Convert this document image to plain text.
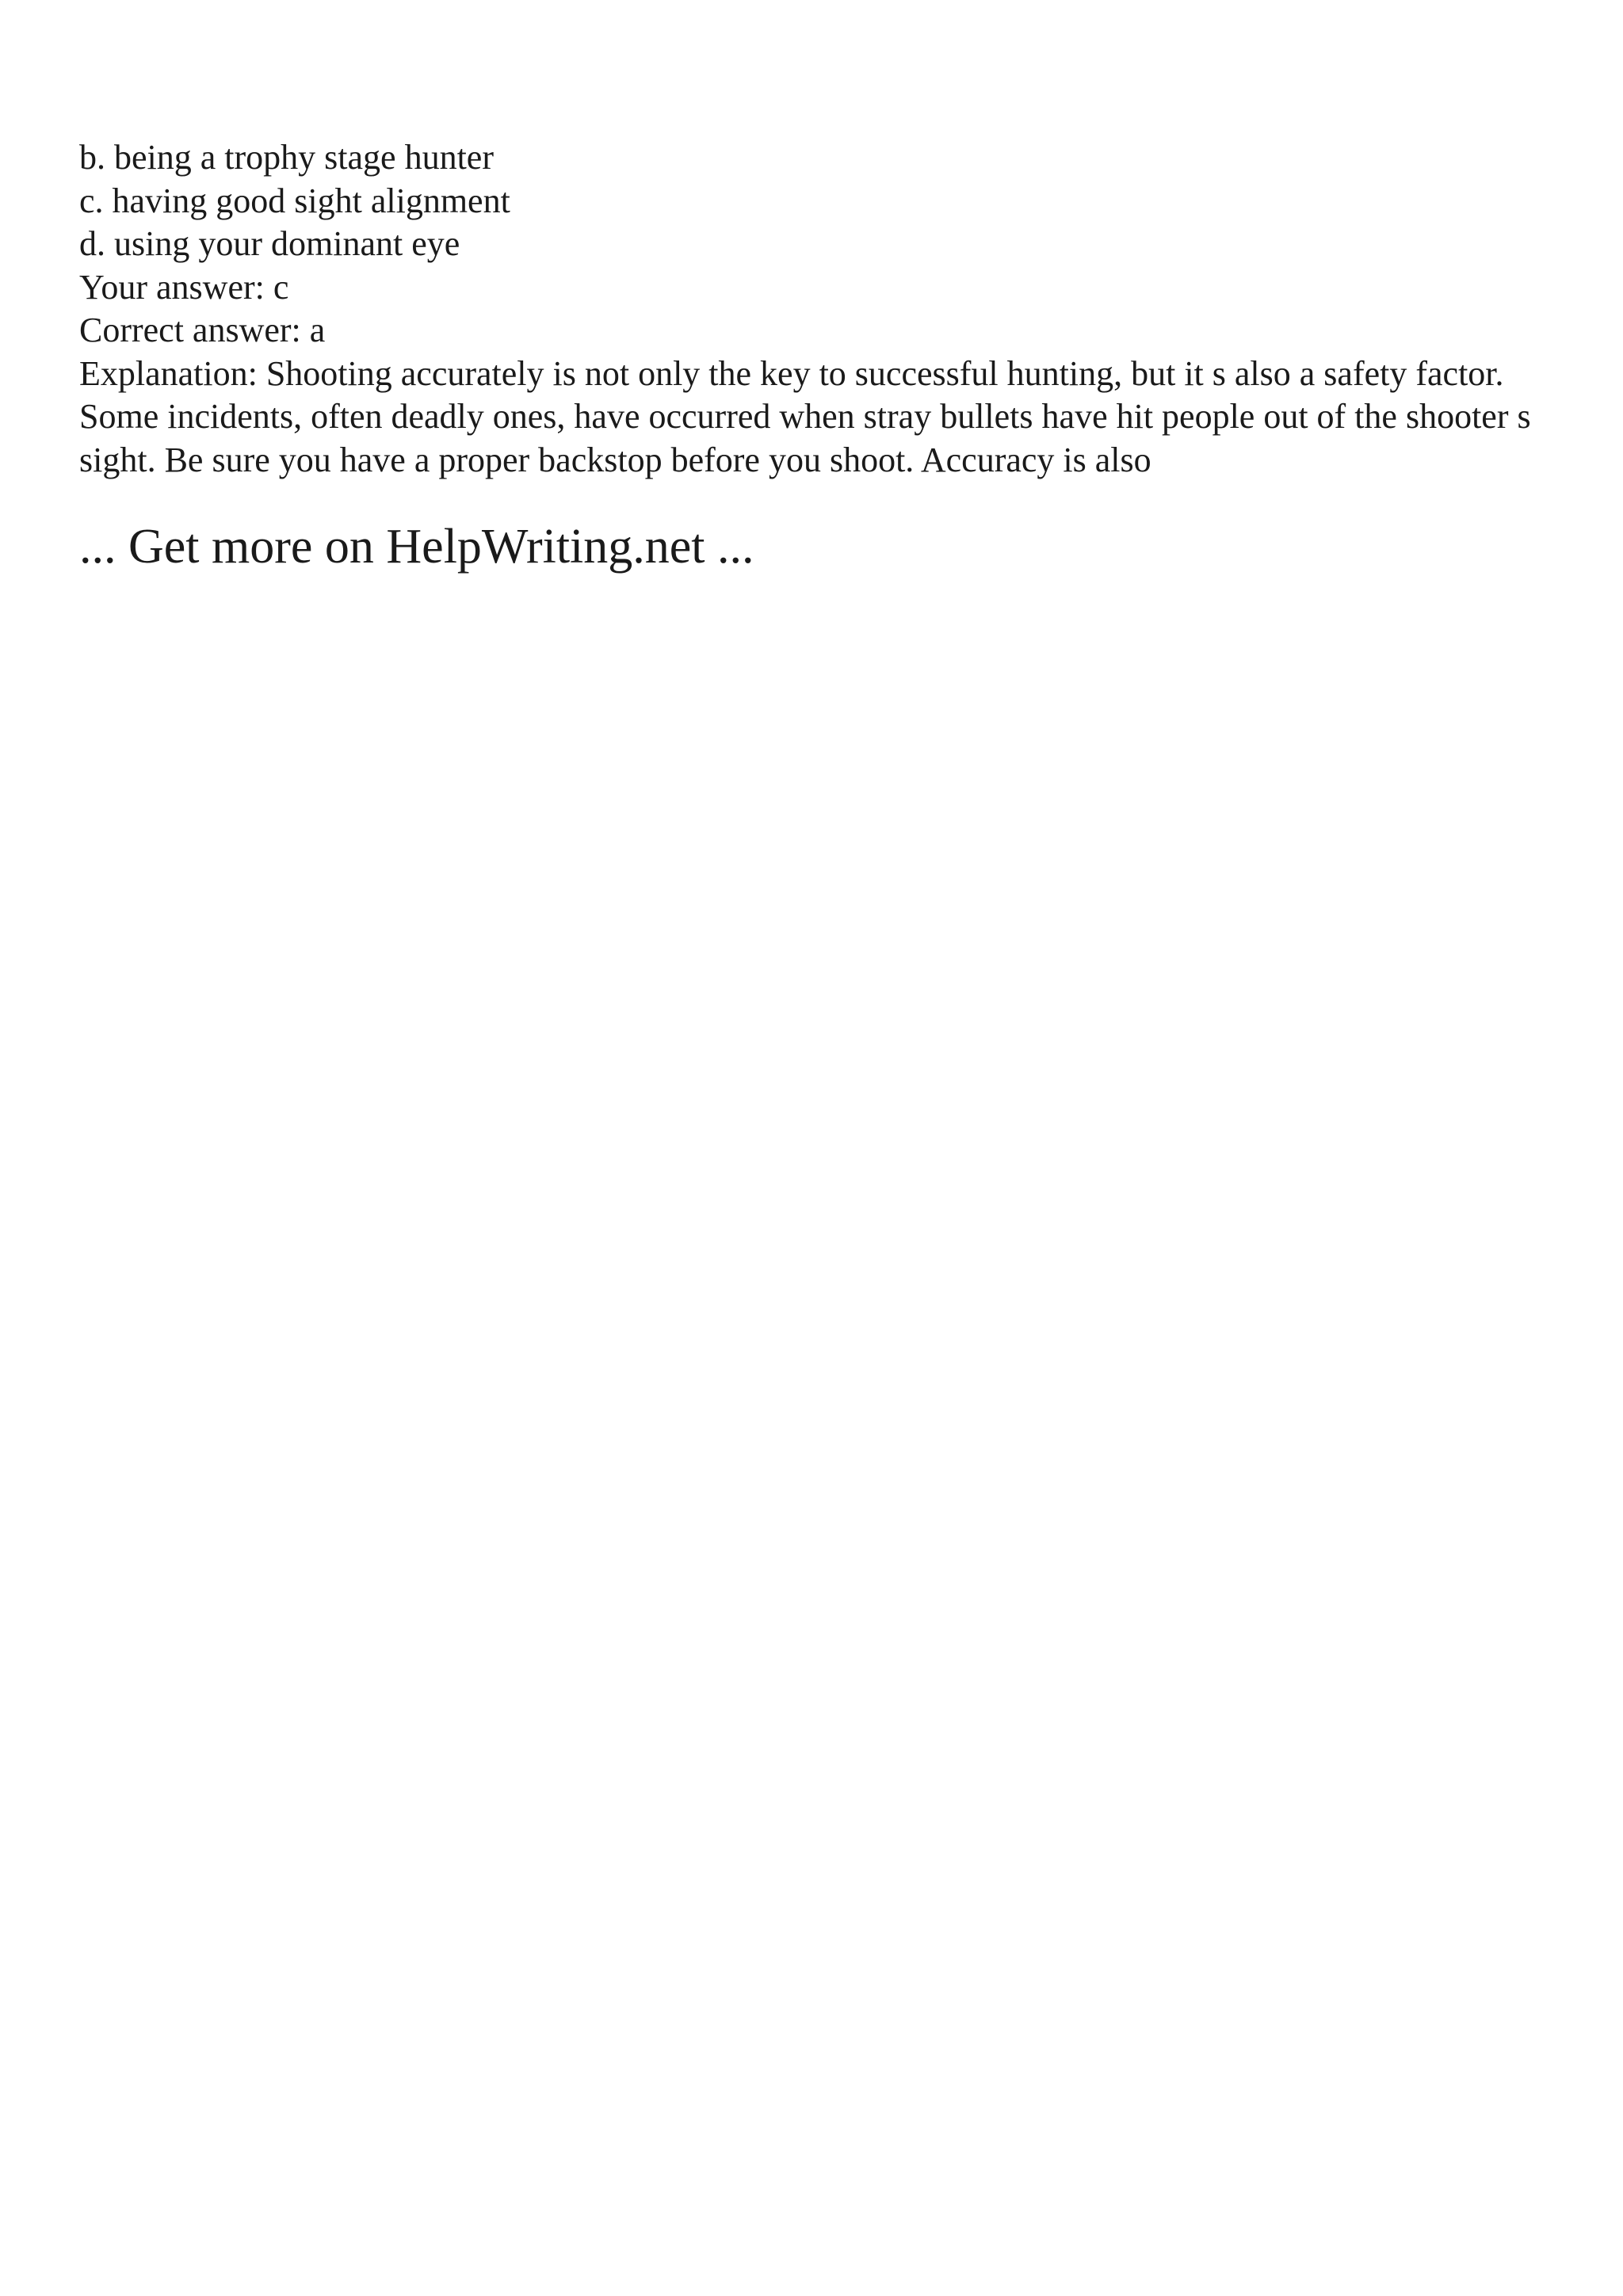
b. being a trophy stage hunter
c. having good sight alignment
d. using your dominant eye
Your answer: c
Correct answer: a
Explanation: Shooting accurately is not only the key to successful hunting, but it s also a safety factor. Some incidents, often deadly ones, have occurred when stray bullets have hit people out of the shooter s sight. Be sure you have a proper backstop before you shoot. Accuracy is also
... Get more on HelpWriting.net ...
